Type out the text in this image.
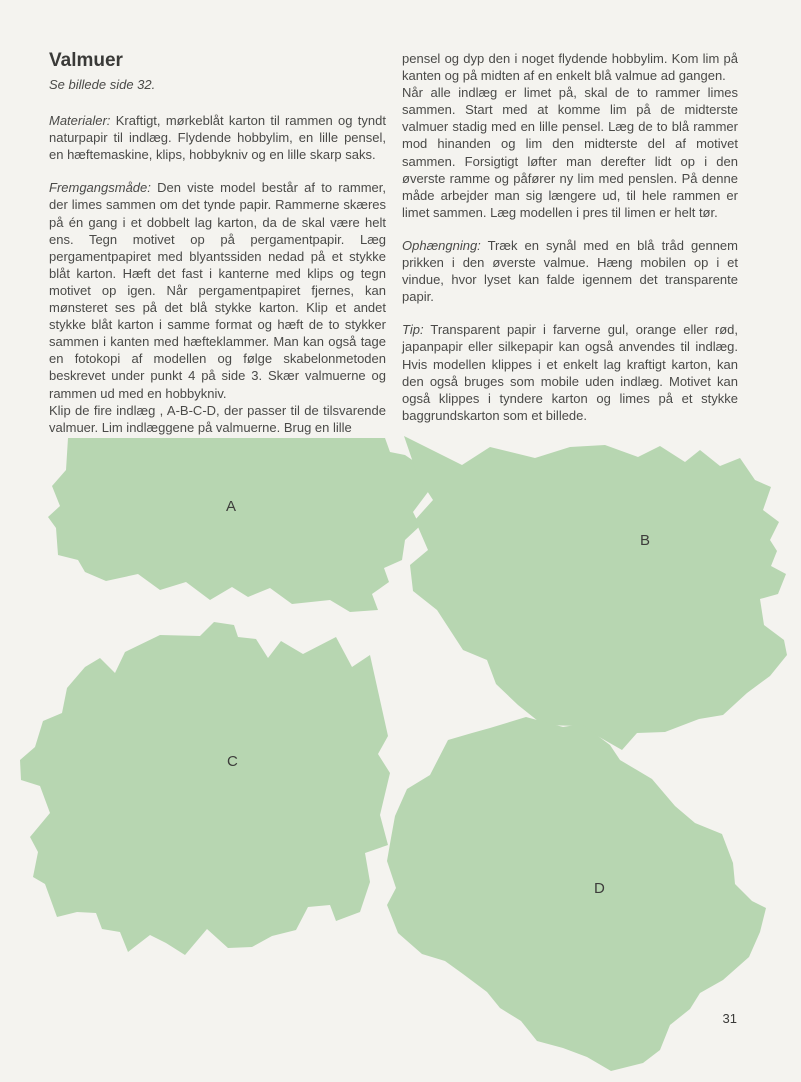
A
B
C
D
Valmuer

Se billede side 32.

Materialer: Kraftigt, mørkeblåt karton til rammen og tyndt naturpapir til indlæg. Flydende hobbylim, en lille pensel, en hæftemaskine, klips, hobbykniv og en lille skarp saks.

Fremgangsmåde: Den viste model består af to rammer, der limes sammen om det tynde papir. Rammerne skæres på én gang i et dobbelt lag karton, da de skal være helt ens. Tegn motivet op på pergamentpapir. Læg pergamentpapiret med blyantssiden nedad på et stykke blåt karton. Hæft det fast i kanterne med klips og tegn motivet op igen. Når pergamentpapiret fjernes, kan mønsteret ses på det blå stykke karton. Klip et andet stykke blåt karton i samme format og hæft de to stykker sammen i kanten med hæfteklammer. Man kan også tage en fotokopi af modellen og følge skabelonmetoden beskrevet under punkt 4 på side 3. Skær valmuerne og rammen ud med en hobbykniv.

Klip de fire indlæg , A-B-C-D, der passer til de tilsvarende valmuer. Lim indlæggene på valmuerne. Brug en lille

pensel og dyp den i noget flydende hobbylim. Kom lim på kanten og på midten af en enkelt blå valmue ad gangen.

Når alle indlæg er limet på, skal de to rammer limes sammen. Start med at komme lim på de midterste valmuer stadig med en lille pensel. Læg de to blå rammer mod hinanden og lim den midterste del af motivet sammen. Forsigtigt løfter man derefter lidt op i den øverste ramme og påfører ny lim med penslen. På denne måde arbejder man sig længere ud, til hele rammen er limet sammen. Læg modellen i pres til limen er helt tør.

Ophængning: Træk en synål med en blå tråd gennem prikken i den øverste valmue. Hæng mobilen op i et vindue, hvor lyset kan falde igennem det transparente papir.

Tip: Transparent papir i farverne gul, orange eller rød, japanpapir eller silkepapir kan også anvendes til indlæg. Hvis modellen klippes i et enkelt lag kraftigt karton, kan den også bruges som mobile uden indlæg. Motivet kan også klippes i tyndere karton og limes på et stykke baggrundskarton som et billede.

31
